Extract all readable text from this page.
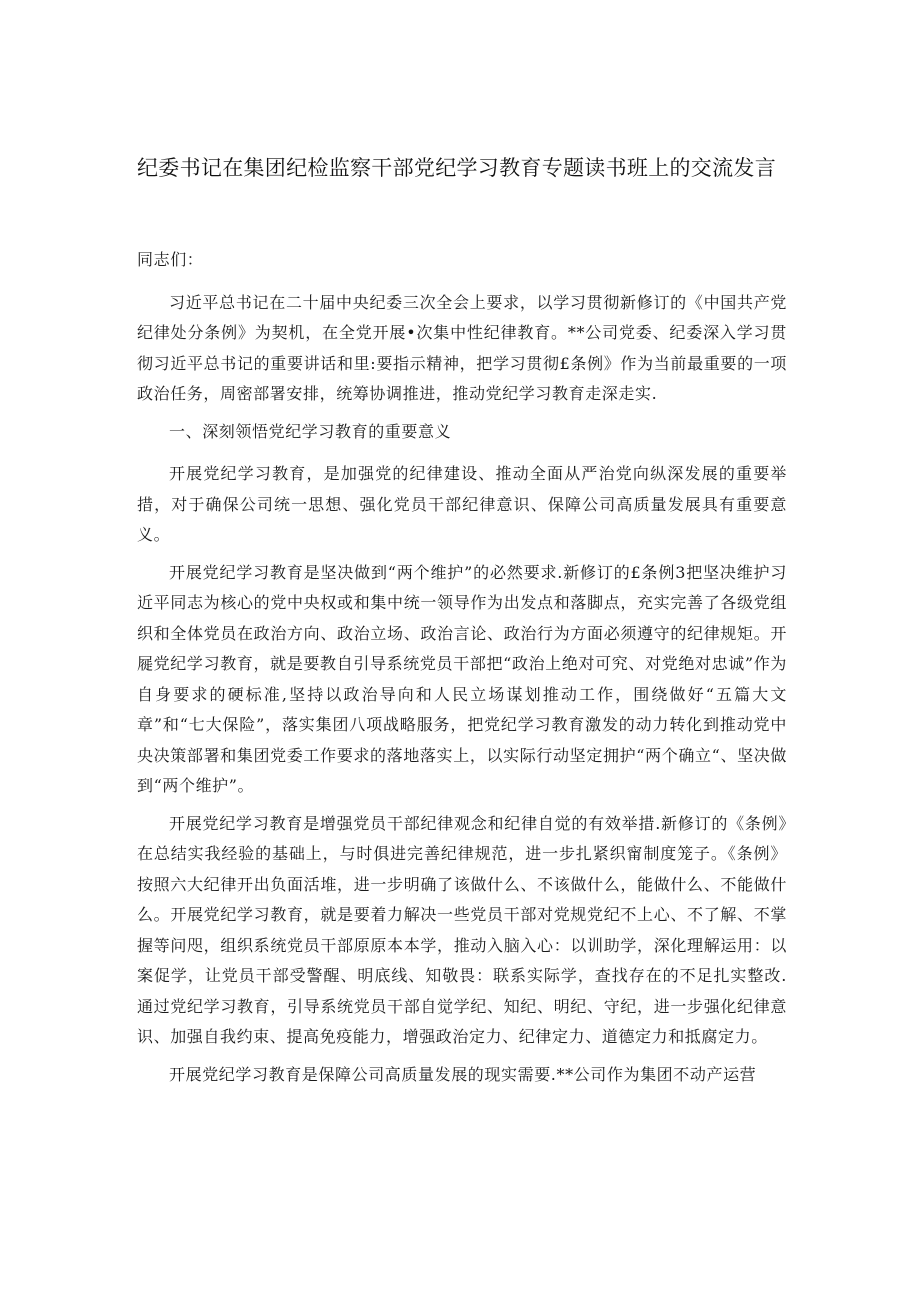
纪委书记在集团纪检监察干部党纪学习教育专题读书班上的交流发言

同志们：

习近平总书记在二十届中央纪委三次全会上要求，以学习贯彻新修订的《中国共产党纪律处分条例》为契机，在全党开展•次集中性纪律教育。**公司党委、纪委深入学习贯彻习近平总书记的重要讲话和里:要指示精神，把学习贯彻£条例》作为当前最重要的一项政治任务，周密部署安排，统筹协调推进，推动党纪学习教育走深走实.

一、深刻领悟党纪学习教育的重要意义

开展党纪学习教育，是加强党的纪律建设、推动全面从严治党向纵深发展的重要举措，对于确保公司统一思想、强化党员干部纪律意识、保障公司高质量发展具有重要意义。

开展党纪学习教育是坚决做到“两个维护”的必然要求.新修订的£条例3把坚决维护习近平同志为核心的党中央权或和集中统一领导作为出发点和落脚点，充实完善了各级党组织和全体党员在政治方向、政治立场、政治言论、政治行为方面必须遵守的纪律规矩。开屣党纪学习教育，就是要教自引导系统党员干部把“政治上绝对可究、对党绝对忠诚”作为自身要求的硬标准,坚持以政治导向和人民立场谋划推动工作，围绕做好“五篇大文章”和“七大保险”，落实集团八项战略服务，把党纪学习教育激发的动力转化到推动党中央决策部署和集团党委工作要求的落地落实上，以实际行动坚定拥护“两个确立“、坚决做到“两个维护”。

开展党纪学习教育是增强党员干部纪律观念和纪律自觉的有效举措.新修订的《条例》在总结实我经验的基础上，与时俱进完善纪律规范，进一步扎紧织甯制度笼子。《条例》按照六大纪律开出负面活堆，进一步明确了该做什么、不该做什么，能做什么、不能做什么。开展党纪学习教育，就是要着力解决一些党员干部对党规党纪不上心、不了解、不掌握等问咫，组织系统党员干部原原本本学，推动入脑入心：以训助学，深化理解运用：以案促学，让党员干部受警醒、明底线、知敬畏：联系实际学，查找存在的不足扎实整改.通过党纪学习教育，引导系统党员干部自觉学纪、知纪、明纪、守纪，进一步强化纪律意识、加强自我约束、提高免疫能力，增强政治定力、纪律定力、道德定力和抵腐定力。

开展党纪学习教育是保障公司高质量发展的现实需要.**公司作为集团不动产运营
